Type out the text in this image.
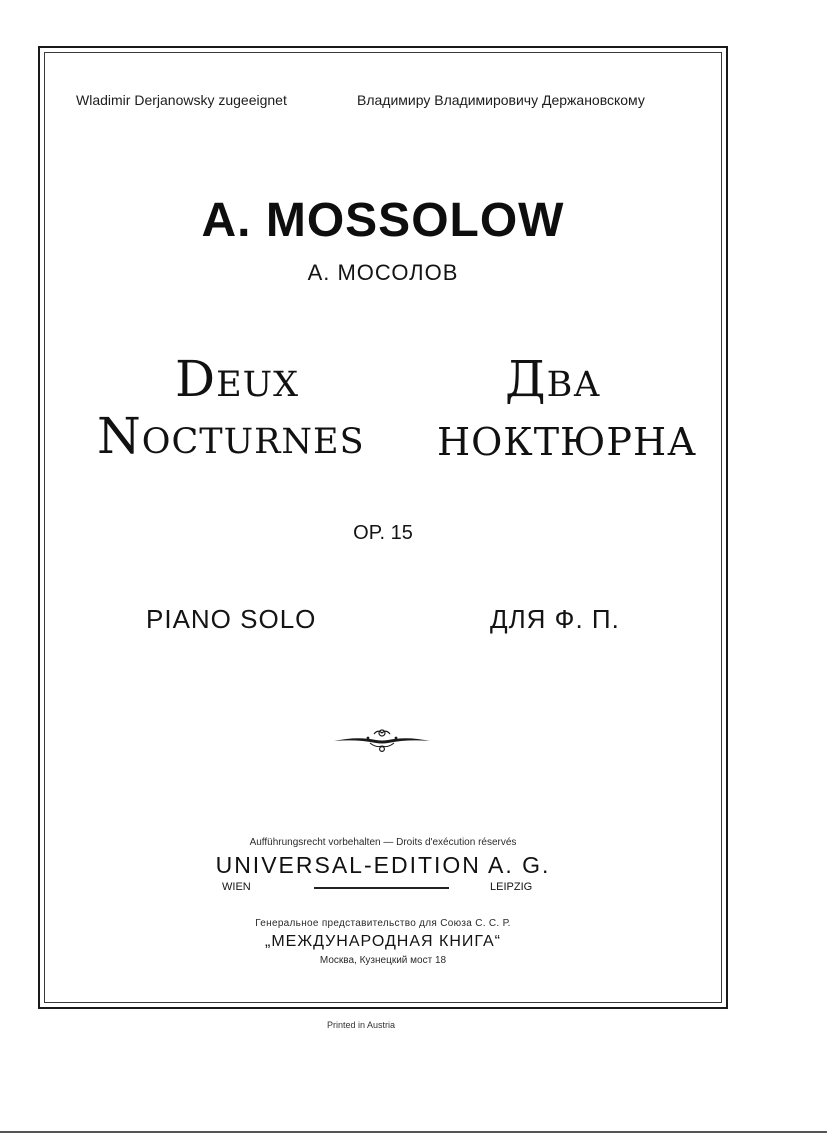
Wladimir Derjanowsky zugeeignet	Владимиру Владимировичу Держановскому
A. MOSSOLOW
А. МОСОЛОВ
Deux
Nocturnes
Два
НОКТЮРНА
OP. 15
PIANO SOLO	ДЛЯ Ф. П.
Aufführungsrecht vorbehalten — Droits d'exécution réservés
UNIVERSAL-EDITION A. G.
WIEN	LEIPZIG
Генеральное представительство для Союза С. С. Р.
„МЕЖДУНАРОДНАЯ КНИГА“
Москва, Кузнецкий мост 18
Printed in Austria
